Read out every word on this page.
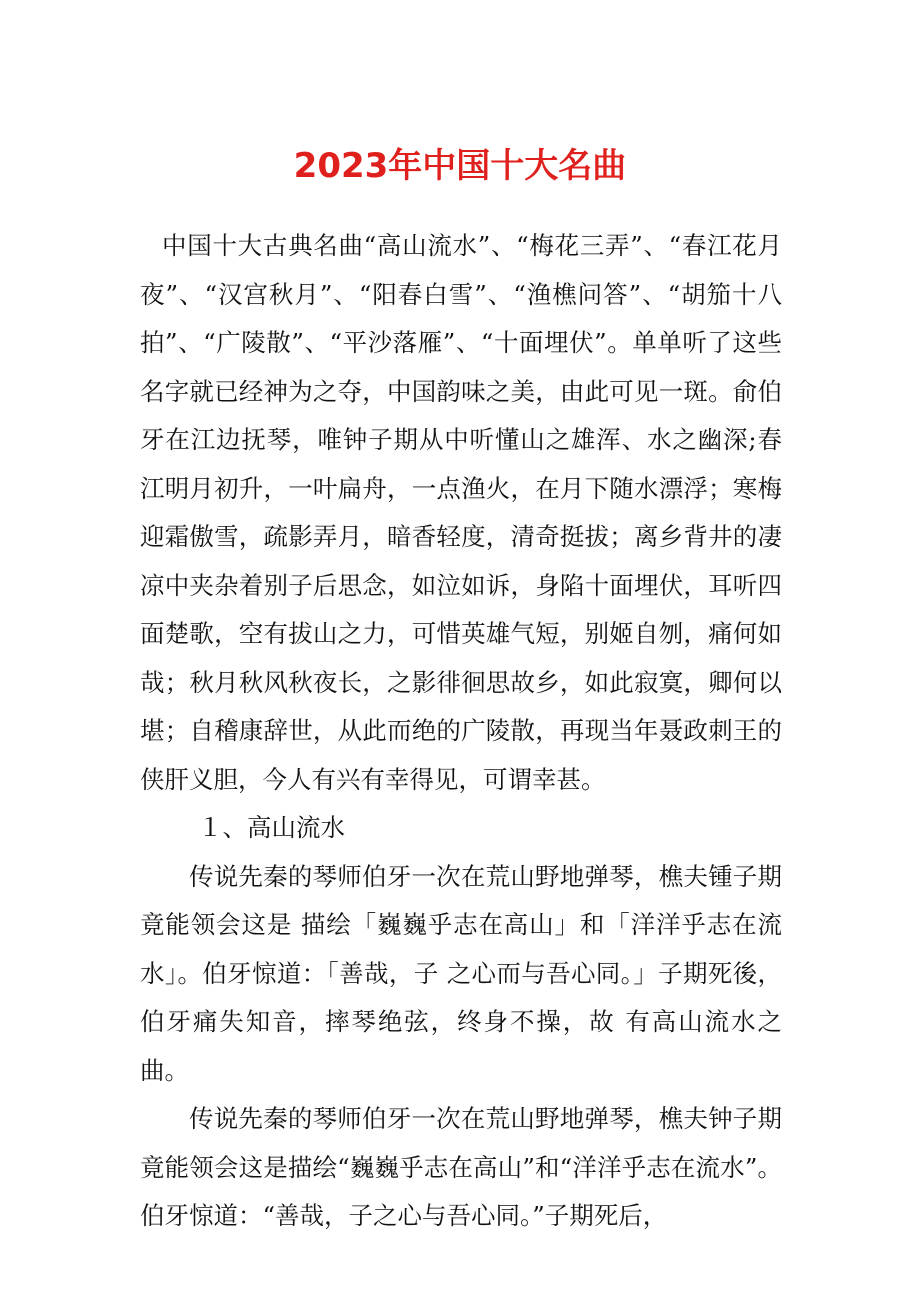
2023年中国十大名曲

中国十大古典名曲“高山流水”、“梅花三弄”、“春江花月夜”、“汉宫秋月”、“阳春白雪”、“渔樵问答”、“胡笳十八拍”、“广陵散”、“平沙落雁”、“十面埋伏”。单单听了这些名字就已经神为之夺，中国韵味之美，由此可见一斑。俞伯牙在江边抚琴，唯钟子期从中听懂山之雄浑、水之幽深;春江明月初升，一叶扁舟，一点渔火，在月下随水漂浮；寒梅迎霜傲雪，疏影弄月，暗香轻度，清奇挺拔；离乡背井的凄凉中夹杂着别子后思念，如泣如诉，身陷十面埋伏，耳听四面楚歌，空有拔山之力，可惜英雄气短，别姬自刎，痛何如哉；秋月秋风秋夜长，之影徘徊思故乡，如此寂寞，卿何以堪；自稽康辞世，从此而绝的广陵散，再现当年聂政刺王的侠肝义胆，今人有兴有幸得见，可谓幸甚。

１、高山流水

传说先秦的琴师伯牙一次在荒山野地弹琴，樵夫锺子期竟能领会这是 描绘「巍巍乎志在高山」和「洋洋乎志在流水」。伯牙惊道：「善哉，子 之心而与吾心同。」子期死後，伯牙痛失知音，摔琴绝弦，终身不操，故 有高山流水之曲。

传说先秦的琴师伯牙一次在荒山野地弹琴，樵夫钟子期竟能领会这是描绘“巍巍乎志在高山”和“洋洋乎志在流水”。 伯牙惊道：“善哉，子之心与吾心同。”子期死后，
